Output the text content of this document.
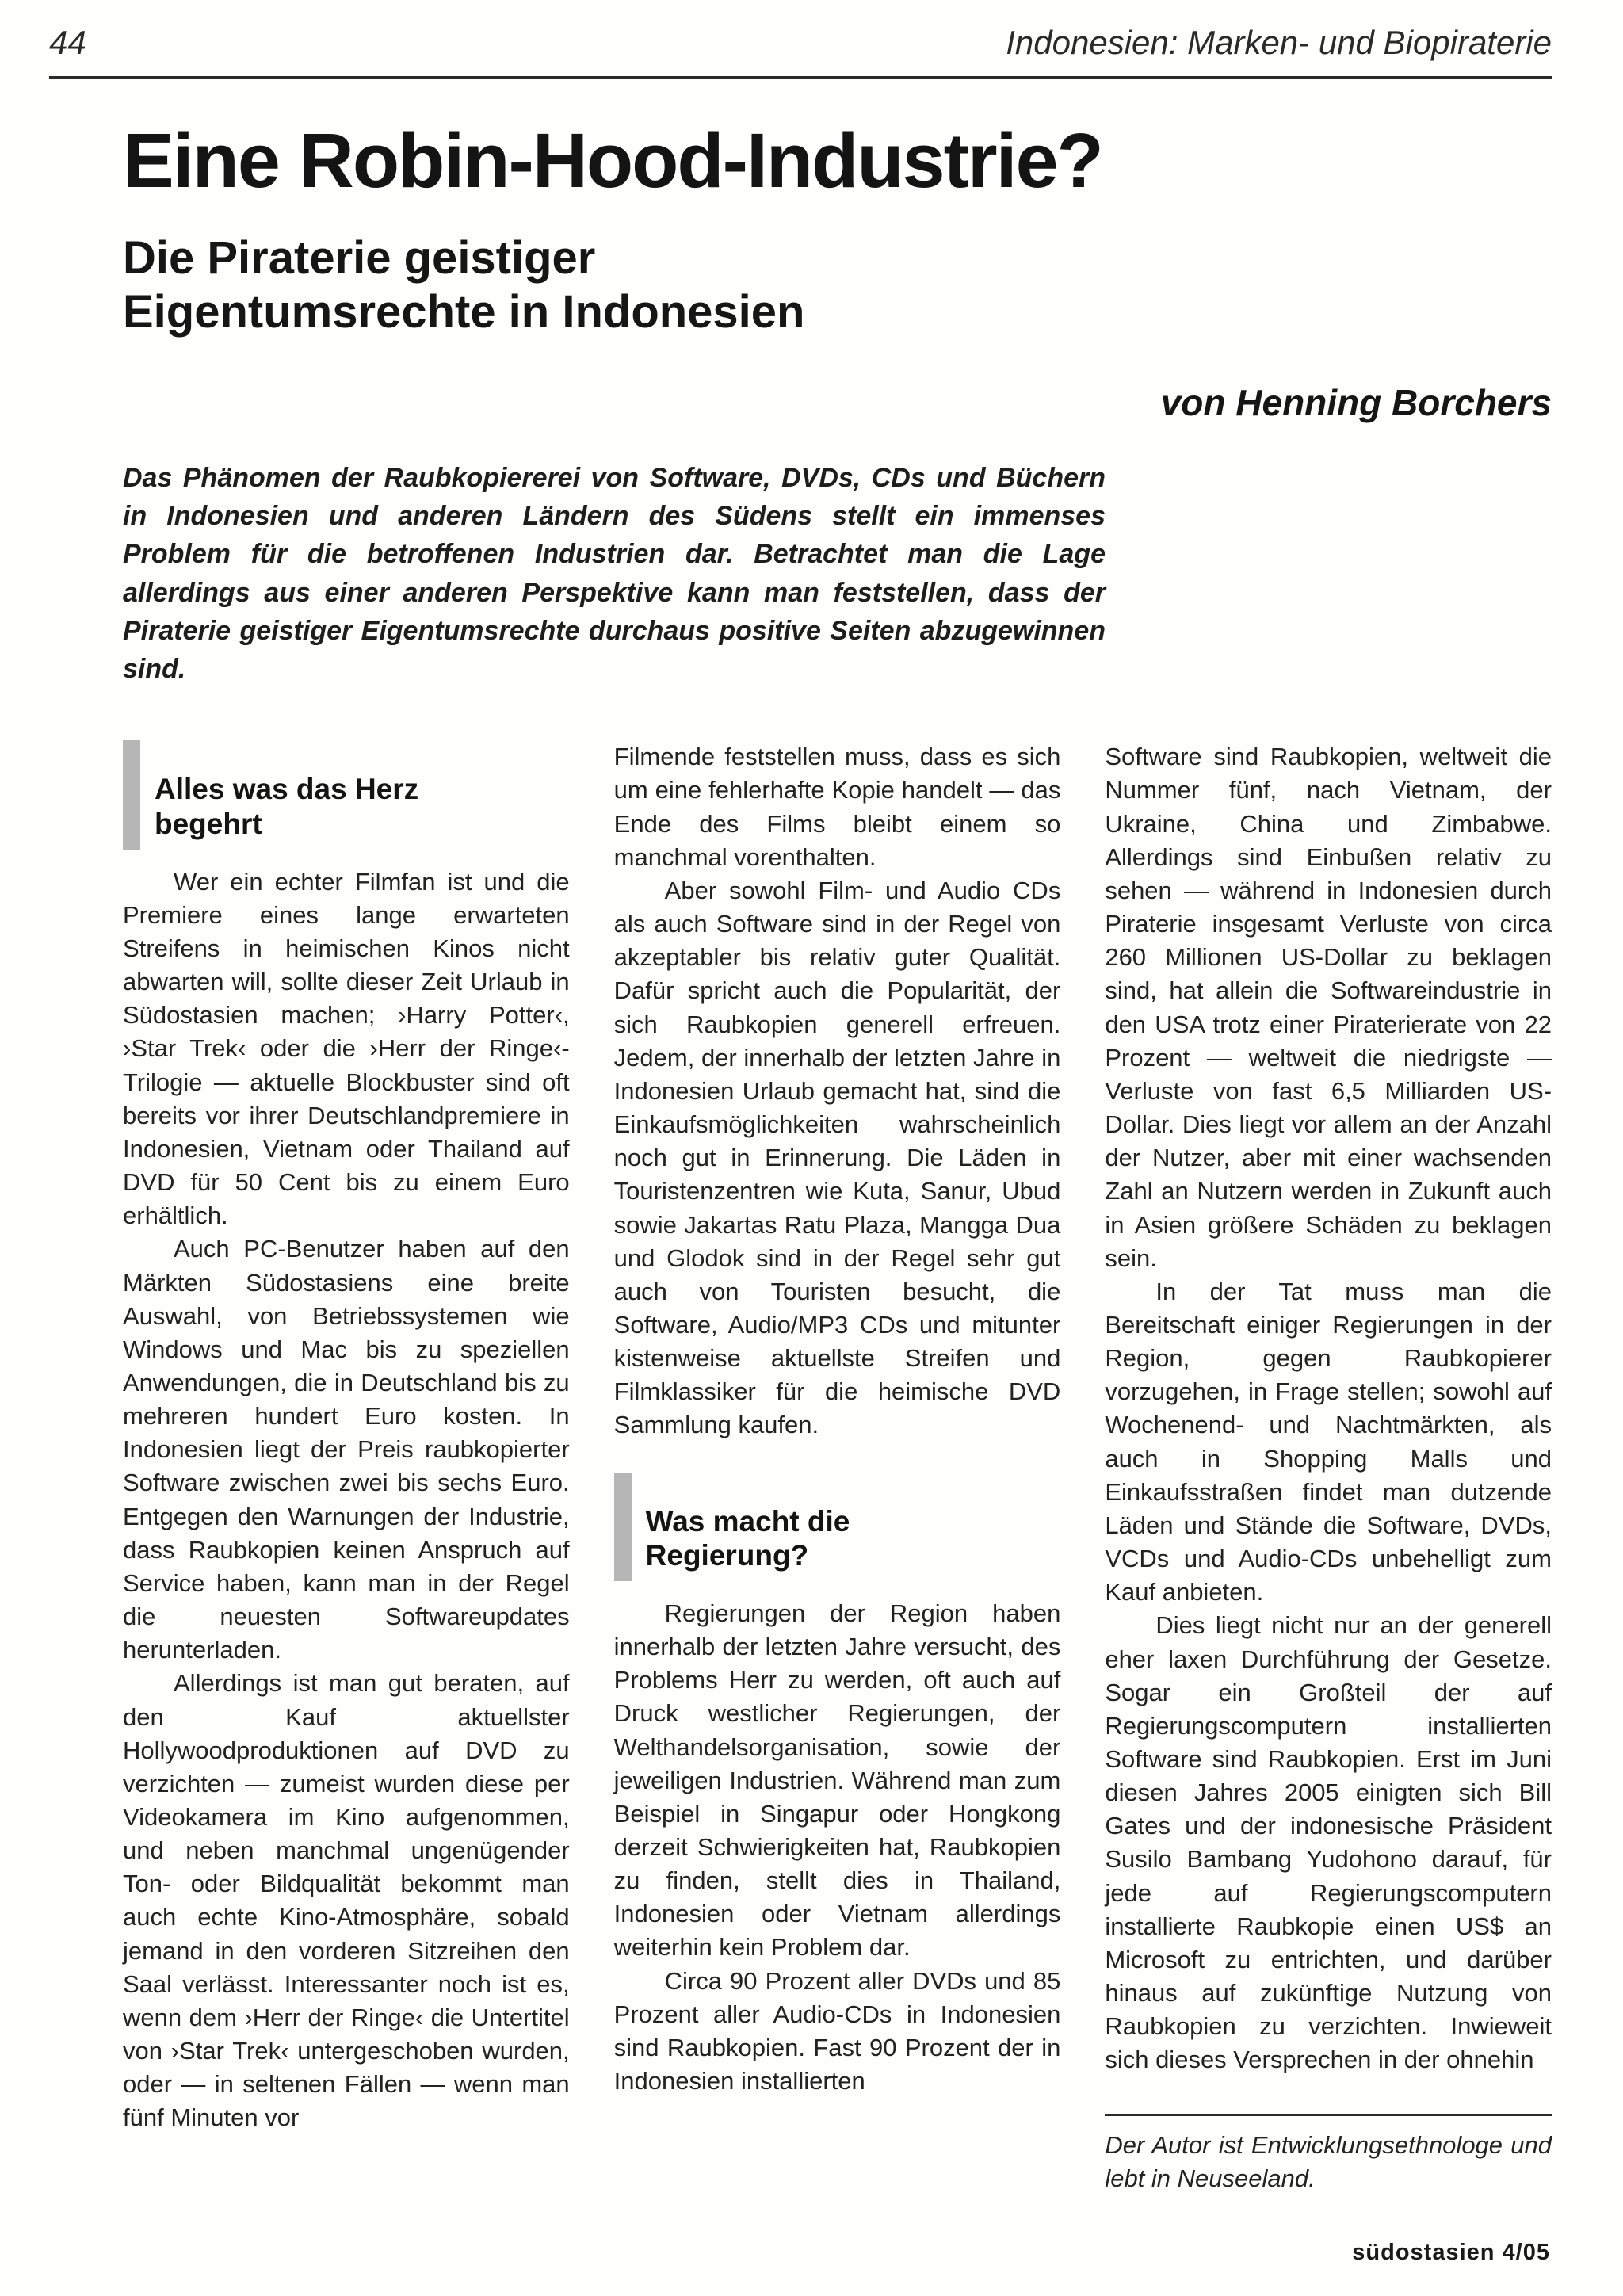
44	Indonesien: Marken- und Biopiraterie
Eine Robin-Hood-Industrie?
Die Piraterie geistiger Eigentumsrechte in Indonesien
von Henning Borchers

Das Phänomen der Raubkopiererei von Software, DVDs, CDs und Büchern in Indonesien und anderen Ländern des Südens stellt ein immenses Problem für die betroffenen Industrien dar. Betrachtet man die Lage allerdings aus einer anderen Perspektive kann man feststellen, dass der Piraterie geistiger Eigentumsrechte durchaus positive Seiten abzugewinnen sind.

Alles was das Herz begehrt

Wer ein echter Filmfan ist und die Premiere eines lange erwarteten Streifens in heimischen Kinos nicht abwarten will, sollte dieser Zeit Urlaub in Südostasien machen; ›Harry Potter‹, ›Star Trek‹ oder die ›Herr der Ringe‹-Trilogie — aktuelle Blockbuster sind oft bereits vor ihrer Deutschlandpremiere in Indonesien, Vietnam oder Thailand auf DVD für 50 Cent bis zu einem Euro erhältlich.

Auch PC-Benutzer haben auf den Märkten Südostasiens eine breite Auswahl, von Betriebssystemen wie Windows und Mac bis zu speziellen Anwendungen, die in Deutschland bis zu mehreren hundert Euro kosten. In Indonesien liegt der Preis raubkopierter Software zwischen zwei bis sechs Euro. Entgegen den Warnungen der Industrie, dass Raubkopien keinen Anspruch auf Service haben, kann man in der Regel die neuesten Softwareupdates herunterladen.

Allerdings ist man gut beraten, auf den Kauf aktuellster Hollywoodproduktionen auf DVD zu verzichten — zumeist wurden diese per Videokamera im Kino aufgenommen, und neben manchmal ungenügender Ton- oder Bildqualität bekommt man auch echte Kino-Atmosphäre, sobald jemand in den vorderen Sitzreihen den Saal verlässt. Interessanter noch ist es, wenn dem ›Herr der Ringe‹ die Untertitel von ›Star Trek‹ untergeschoben wurden, oder — in seltenen Fällen — wenn man fünf Minuten vor

Filmende feststellen muss, dass es sich um eine fehlerhafte Kopie handelt — das Ende des Films bleibt einem so manchmal vorenthalten.

Aber sowohl Film- und Audio CDs als auch Software sind in der Regel von akzeptabler bis relativ guter Qualität. Dafür spricht auch die Popularität, der sich Raubkopien generell erfreuen. Jedem, der innerhalb der letzten Jahre in Indonesien Urlaub gemacht hat, sind die Einkaufsmöglichkeiten wahrscheinlich noch gut in Erinnerung. Die Läden in Touristenzentren wie Kuta, Sanur, Ubud sowie Jakartas Ratu Plaza, Mangga Dua und Glodok sind in der Regel sehr gut auch von Touristen besucht, die Software, Audio/MP3 CDs und mitunter kistenweise aktuellste Streifen und Filmklassiker für die heimische DVD Sammlung kaufen.

Was macht die Regierung?

Regierungen der Region haben innerhalb der letzten Jahre versucht, des Problems Herr zu werden, oft auch auf Druck westlicher Regierungen, der Welthandelsorganisation, sowie der jeweiligen Industrien. Während man zum Beispiel in Singapur oder Hongkong derzeit Schwierigkeiten hat, Raubkopien zu finden, stellt dies in Thailand, Indonesien oder Vietnam allerdings weiterhin kein Problem dar.

Circa 90 Prozent aller DVDs und 85 Prozent aller Audio-CDs in Indonesien sind Raubkopien. Fast 90 Prozent der in Indonesien installierten

Software sind Raubkopien, weltweit die Nummer fünf, nach Vietnam, der Ukraine, China und Zimbabwe. Allerdings sind Einbußen relativ zu sehen — während in Indonesien durch Piraterie insgesamt Verluste von circa 260 Millionen US-Dollar zu beklagen sind, hat allein die Softwareindustrie in den USA trotz einer Piraterierate von 22 Prozent — weltweit die niedrigste — Verluste von fast 6,5 Milliarden US-Dollar. Dies liegt vor allem an der Anzahl der Nutzer, aber mit einer wachsenden Zahl an Nutzern werden in Zukunft auch in Asien größere Schäden zu beklagen sein.

In der Tat muss man die Bereitschaft einiger Regierungen in der Region, gegen Raubkopierer vorzugehen, in Frage stellen; sowohl auf Wochenend- und Nachtmärkten, als auch in Shopping Malls und Einkaufsstraßen findet man dutzende Läden und Stände die Software, DVDs, VCDs und Audio-CDs unbehelligt zum Kauf anbieten.

Dies liegt nicht nur an der generell eher laxen Durchführung der Gesetze. Sogar ein Großteil der auf Regierungscomputern installierten Software sind Raubkopien. Erst im Juni diesen Jahres 2005 einigten sich Bill Gates und der indonesische Präsident Susilo Bambang Yudohono darauf, für jede auf Regierungscomputern installierte Raubkopie einen US$ an Microsoft zu entrichten, und darüber hinaus auf zukünftige Nutzung von Raubkopien zu verzichten. Inwieweit sich dieses Versprechen in der ohnehin

Der Autor ist Entwicklungsethnologe und lebt in Neuseeland.
südostasien 4/05
